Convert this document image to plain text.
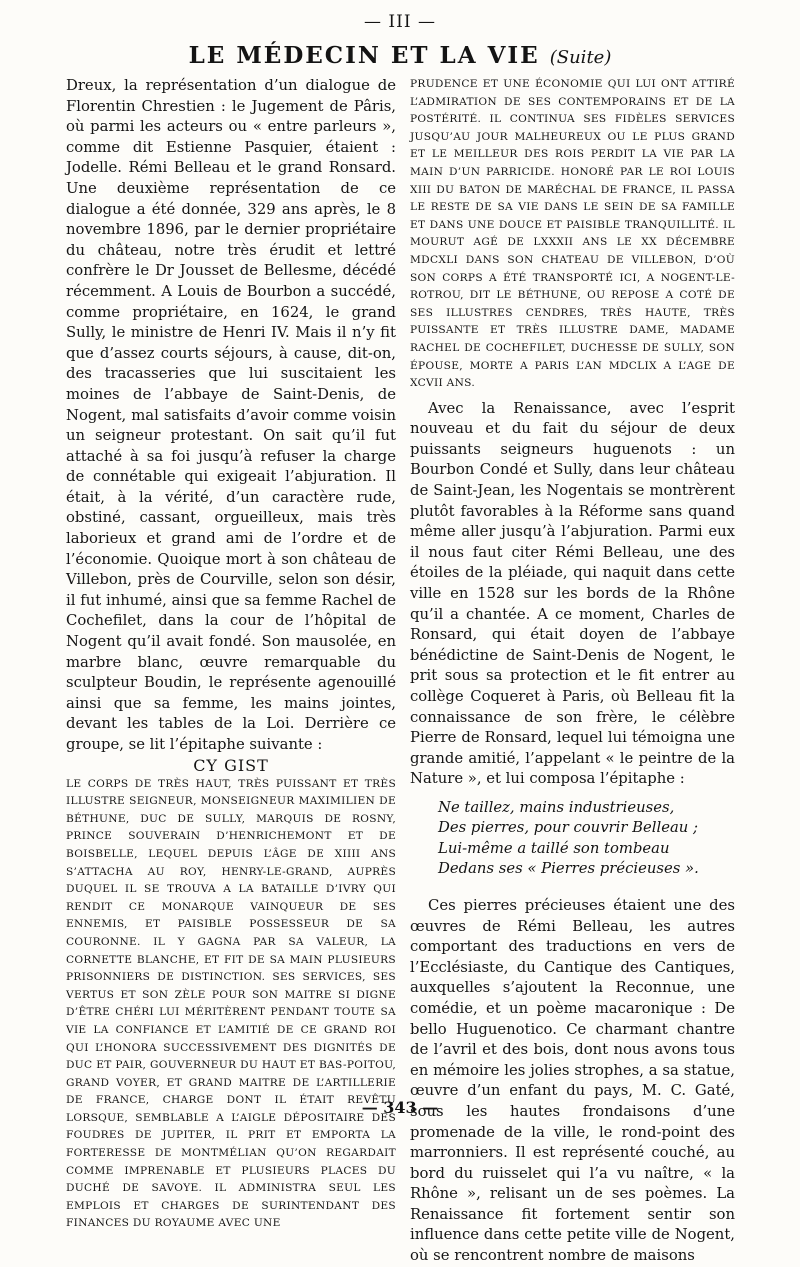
— III —
LE MÉDECIN ET LA VIE (Suite)

Dreux, la représentation d’un dialogue de Florentin Chrestien : le Jugement de Pâris, où parmi les acteurs ou « entre parleurs », comme dit Estienne Pasquier, étaient : Jodelle. Rémi Belleau et le grand Ronsard. Une deuxième représentation de ce dialogue a été donnée, 329 ans après, le 8 novembre 1896, par le dernier propriétaire du château, notre très érudit et lettré confrère le Dr Jousset de Bellesme, décédé récemment. A Louis de Bourbon a succédé, comme propriétaire, en 1624, le grand Sully, le ministre de Henri IV. Mais il n’y fit que d’assez courts séjours, à cause, dit-on, des tracasseries que lui suscitaient les moines de l’abbaye de Saint-Denis, de Nogent, mal satisfaits d’avoir comme voisin un seigneur protestant. On sait qu’il fut attaché à sa foi jusqu’à refuser la charge de connétable qui exigeait l’abjuration. Il était, à la vérité, d’un caractère rude, obstiné, cassant, orgueilleux, mais très laborieux et grand ami de l’ordre et de l’économie. Quoique mort à son château de Villebon, près de Courville, selon son désir, il fut inhumé, ainsi que sa femme Rachel de Cochefilet, dans la cour de l’hôpital de Nogent qu’il avait fondé. Son mausolée, en marbre blanc, œuvre remarquable du sculpteur Boudin, le représente agenouillé ainsi que sa femme, les mains jointes, devant les tables de la Loi. Derrière ce groupe, se lit l’épitaphe suivante :

CY GIST

LE CORPS DE TRÈS HAUT, TRÈS PUISSANT ET TRÈS ILLUSTRE SEIGNEUR, MONSEIGNEUR MAXIMILIEN DE BÉTHUNE, DUC DE SULLY, MARQUIS DE ROSNY, PRINCE SOUVERAIN D’HENRICHEMONT ET DE BOISBELLE, LEQUEL DEPUIS L’ÂGE DE XIIII ANS S’ATTACHA AU ROY, HENRY-LE-GRAND, AUPRÈS DUQUEL IL SE TROUVA A LA BATAILLE D’IVRY QUI RENDIT CE MONARQUE VAINQUEUR DE SES ENNEMIS, ET PAISIBLE POSSESSEUR DE SA COURONNE. IL Y GAGNA PAR SA VALEUR, LA CORNETTE BLANCHE, ET FIT DE SA MAIN PLUSIEURS PRISONNIERS DE DISTINCTION. SES SERVICES, SES VERTUS ET SON ZÈLE POUR SON MAITRE SI DIGNE D’ÊTRE CHÉRI LUI MÉRITÈRENT PENDANT TOUTE SA VIE LA CONFIANCE ET L’AMITIÉ DE CE GRAND ROI QUI L’HONORA SUCCESSIVEMENT DES DIGNITÉS DE DUC ET PAIR, GOUVERNEUR DU HAUT ET BAS-POITOU, GRAND VOYER, ET GRAND MAITRE DE L’ARTILLERIE DE FRANCE, CHARGE DONT IL ÉTAIT REVÊTU LORSQUE, SEMBLABLE A L’AIGLE DÉPOSITAIRE DES FOUDRES DE JUPITER, IL PRIT ET EMPORTA LA FORTERESSE DE MONTMÉLIAN QU’ON REGARDAIT COMME IMPRENABLE ET PLUSIEURS PLACES DU DUCHÉ DE SAVOYE. IL ADMINISTRA SEUL LES EMPLOIS ET CHARGES DE SURINTENDANT DES FINANCES DU ROYAUME AVEC UNE

PRUDENCE ET UNE ÉCONOMIE QUI LUI ONT ATTIRÉ L’ADMIRATION DE SES CONTEMPORAINS ET DE LA POSTÉRITÉ. IL CONTINUA SES FIDÈLES SERVICES JUSQU’AU JOUR MALHEUREUX OU LE PLUS GRAND ET LE MEILLEUR DES ROIS PERDIT LA VIE PAR LA MAIN D’UN PARRICIDE. HONORÉ PAR LE ROI LOUIS XIII DU BATON DE MARÉCHAL DE FRANCE, IL PASSA LE RESTE DE SA VIE DANS LE SEIN DE SA FAMILLE ET DANS UNE DOUCE ET PAISIBLE TRANQUILLITÉ. IL MOURUT AGÉ DE LXXXII ANS LE XX DÉCEMBRE MDCXLI DANS SON CHATEAU DE VILLEBON, D’OÙ SON CORPS A ÉTÉ TRANSPORTÉ ICI, A NOGENT-LE-ROTROU, DIT LE BÉTHUNE, OU REPOSE A COTÉ DE SES ILLUSTRES CENDRES, TRÈS HAUTE, TRÈS PUISSANTE ET TRÈS ILLUSTRE DAME, MADAME RACHEL DE COCHEFILET, DUCHESSE DE SULLY, SON ÉPOUSE, MORTE A PARIS L’AN MDCLIX A L’AGE DE XCVII ANS.

Avec la Renaissance, avec l’esprit nouveau et du fait du séjour de deux puissants seigneurs huguenots : un Bourbon Condé et Sully, dans leur château de Saint-Jean, les Nogentais se montrèrent plutôt favorables à la Réforme sans quand même aller jusqu’à l’abjuration. Parmi eux il nous faut citer Rémi Belleau, une des étoiles de la pléiade, qui naquit dans cette ville en 1528 sur les bords de la Rhône qu’il a chantée. A ce moment, Charles de Ronsard, qui était doyen de l’abbaye bénédictine de Saint-Denis de Nogent, le prit sous sa protection et le fit entrer au collège Coqueret à Paris, où Belleau fit la connaissance de son frère, le célèbre Pierre de Ronsard, lequel lui témoigna une grande amitié, l’appelant « le peintre de la Nature », et lui composa l’épitaphe :

Ne taillez, mains industrieuses,
Des pierres, pour couvrir Belleau ;
Lui-même a taillé son tombeau
Dedans ses « Pierres précieuses ».

Ces pierres précieuses étaient une des œuvres de Rémi Belleau, les autres comportant des traductions en vers de l’Ecclésiaste, du Cantique des Cantiques, auxquelles s’ajoutent la Reconnue, une comédie, et un poème macaronique : De bello Huguenotico. Ce charmant chantre de l’avril et des bois, dont nous avons tous en mémoire les jolies strophes, a sa statue, œuvre d’un enfant du pays, M. C. Gaté, sous les hautes frondaisons d’une promenade de la ville, le rond-point des marronniers. Il est représenté couché, au bord du ruisselet qui l’a vu naître, « la Rhône », relisant un de ses poèmes. La Renaissance fit fortement sentir son influence dans cette petite ville de Nogent, où se rencontrent nombre de maisons

— 343 —
